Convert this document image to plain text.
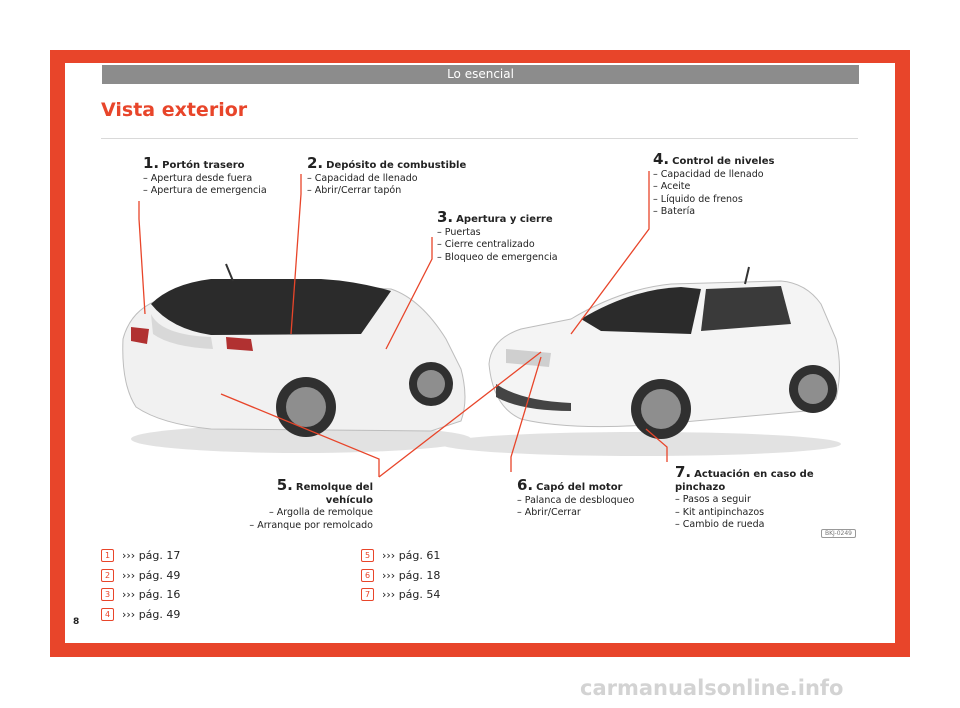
Lo esencial
Vista exterior
1. Portón trasero
– Apertura desde fuera
– Apertura de emergencia
2. Depósito de combustible
– Capacidad de llenado
– Abrir/Cerrar tapón
3. Apertura y cierre
– Puertas
– Cierre centralizado
– Bloqueo de emergencia
4. Control de niveles
– Capacidad de llenado
– Aceite
– Líquido de frenos
– Batería
5. Remolque del vehículo
– Argolla de remolque
– Arranque por remolcado
6. Capó del motor
– Palanca de desbloqueo
– Abrir/Cerrar
7. Actuación en caso de pinchazo
– Pasos a seguir
– Kit antipinchazos
– Cambio de rueda
BKJ-0249
1	››› pág. 17
2	››› pág. 49
3	››› pág. 16
4	››› pág. 49
5	››› pág. 61
6	››› pág. 18
7	››› pág. 54
8
carmanualsonline.info
